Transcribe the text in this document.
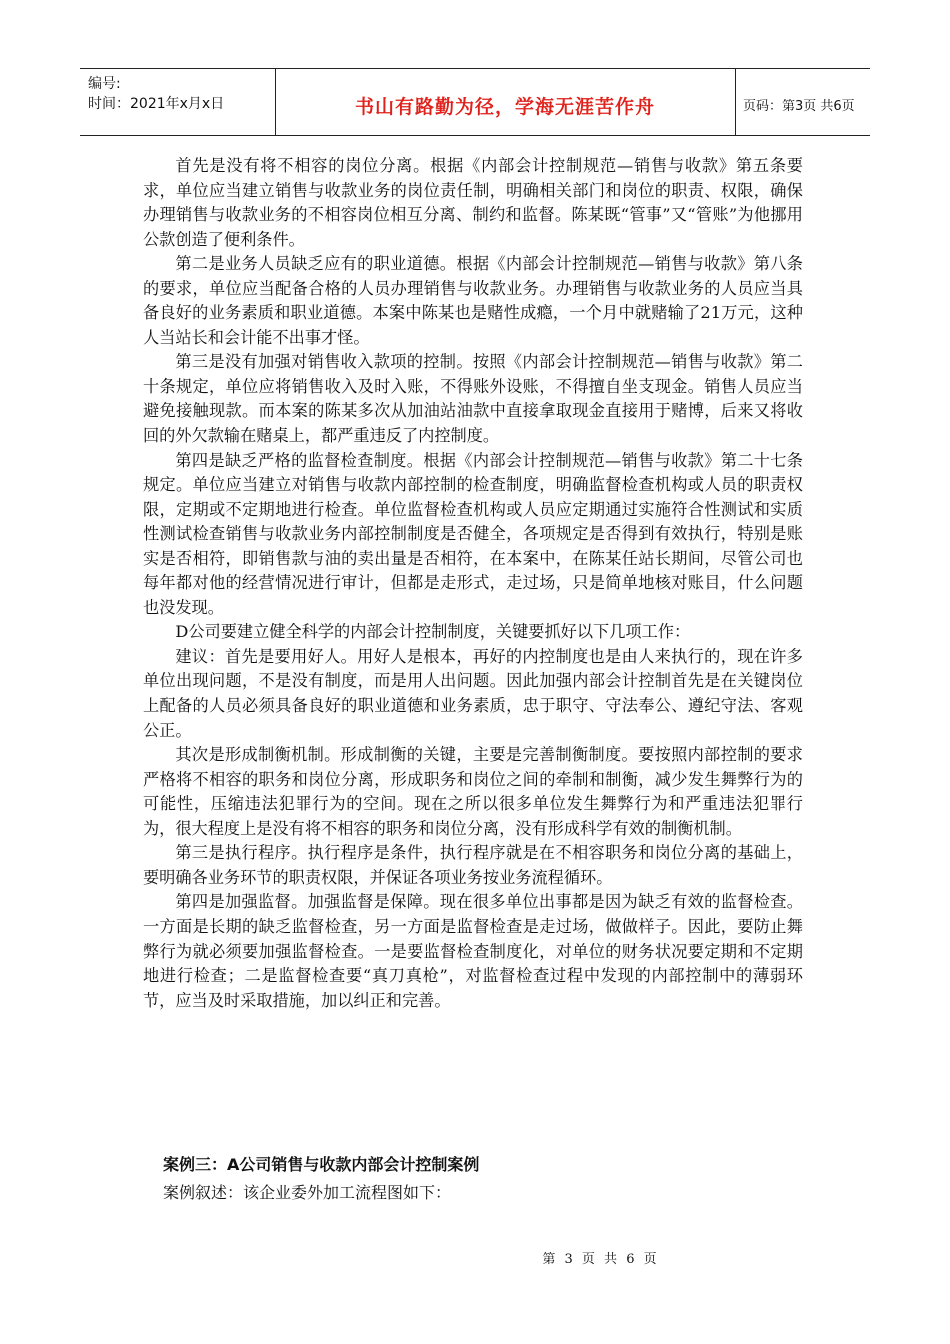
编号:
时间：2021年x月x日	书山有路勤为径，学海无涯苦作舟	页码：第3页 共6页

首先是没有将不相容的岗位分离。根据《内部会计控制规范—销售与收款》第五条要求，单位应当建立销售与收款业务的岗位责任制，明确相关部门和岗位的职责、权限，确保办理销售与收款业务的不相容岗位相互分离、制约和监督。陈某既“管事”又“管账”为他挪用公款创造了便利条件。

第二是业务人员缺乏应有的职业道德。根据《内部会计控制规范—销售与收款》第八条的要求，单位应当配备合格的人员办理销售与收款业务。办理销售与收款业务的人员应当具备良好的业务素质和职业道德。本案中陈某也是赌性成瘾，一个月中就赌输了21万元，这种人当站长和会计能不出事才怪。

第三是没有加强对销售收入款项的控制。按照《内部会计控制规范—销售与收款》第二十条规定，单位应将销售收入及时入账，不得账外设账，不得擅自坐支现金。销售人员应当避免接触现款。而本案的陈某多次从加油站油款中直接拿取现金直接用于赌博，后来又将收回的外欠款输在赌桌上，都严重违反了内控制度。

第四是缺乏严格的监督检查制度。根据《内部会计控制规范—销售与收款》第二十七条规定。单位应当建立对销售与收款内部控制的检查制度，明确监督检查机构或人员的职责权限，定期或不定期地进行检查。单位监督检查机构或人员应定期通过实施符合性测试和实质性测试检查销售与收款业务内部控制制度是否健全，各项规定是否得到有效执行，特别是账实是否相符，即销售款与油的卖出量是否相符，在本案中，在陈某任站长期间，尽管公司也每年都对他的经营情况进行审计，但都是走形式，走过场，只是简单地核对账目，什么问题也没发现。

D公司要建立健全科学的内部会计控制制度，关键要抓好以下几项工作：

建议：首先是要用好人。用好人是根本，再好的内控制度也是由人来执行的，现在许多单位出现问题，不是没有制度，而是用人出问题。因此加强内部会计控制首先是在关键岗位上配备的人员必须具备良好的职业道德和业务素质，忠于职守、守法奉公、遵纪守法、客观公正。

其次是形成制衡机制。形成制衡的关键，主要是完善制衡制度。要按照内部控制的要求严格将不相容的职务和岗位分离，形成职务和岗位之间的牵制和制衡，减少发生舞弊行为的可能性，压缩违法犯罪行为的空间。现在之所以很多单位发生舞弊行为和严重违法犯罪行为，很大程度上是没有将不相容的职务和岗位分离，没有形成科学有效的制衡机制。

第三是执行程序。执行程序是条件，执行程序就是在不相容职务和岗位分离的基础上，要明确各业务环节的职责权限，并保证各项业务按业务流程循环。

第四是加强监督。加强监督是保障。现在很多单位出事都是因为缺乏有效的监督检查。一方面是长期的缺乏监督检查，另一方面是监督检查是走过场，做做样子。因此，要防止舞弊行为就必须要加强监督检查。一是要监督检查制度化，对单位的财务状况要定期和不定期地进行检查；二是监督检查要“真刀真枪”，对监督检查过程中发现的内部控制中的薄弱环节，应当及时采取措施，加以纠正和完善。

案例三：A公司销售与收款内部会计控制案例
案例叙述：该企业委外加工流程图如下：
第 3 页 共 6 页
